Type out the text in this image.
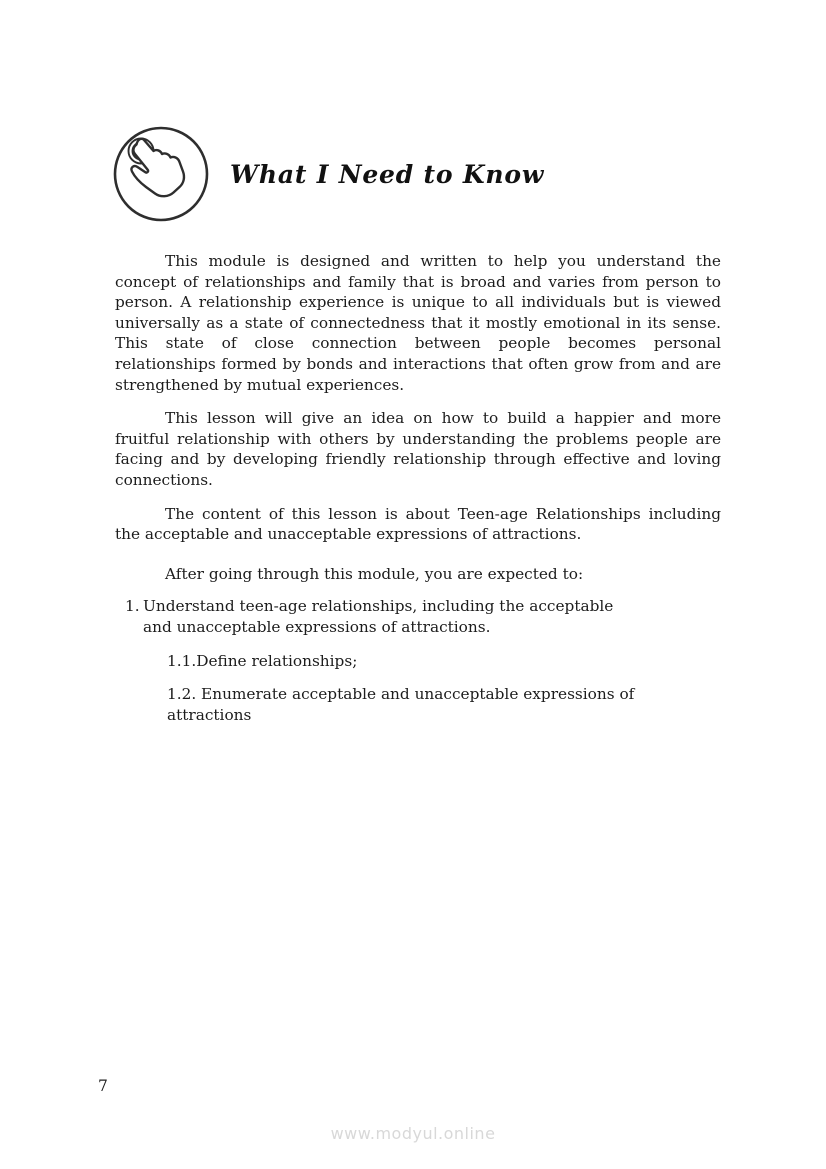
What I Need to Know

This module is designed and written to help you understand the concept of relationships and family that is broad and varies from person to person. A relationship experience is unique to all individuals but is viewed universally as a state of connectedness that it mostly emotional in its sense. This state of close connection between people becomes personal relationships formed by bonds and interactions that often grow from and are strengthened by mutual experiences.

This lesson will give an idea on how to build a happier and more fruitful relationship with others by understanding the problems people are facing and by developing friendly relationship through effective and loving connections.

The content of this lesson is about Teen-age Relationships including the acceptable and unacceptable expressions of attractions.

After going through this module, you are expected to:
1. Understand teen-age relationships, including the acceptable and unacceptable expressions of attractions.
1.1.Define relationships;
1.2. Enumerate acceptable and unacceptable expressions of attractions
7
www.modyul.online
